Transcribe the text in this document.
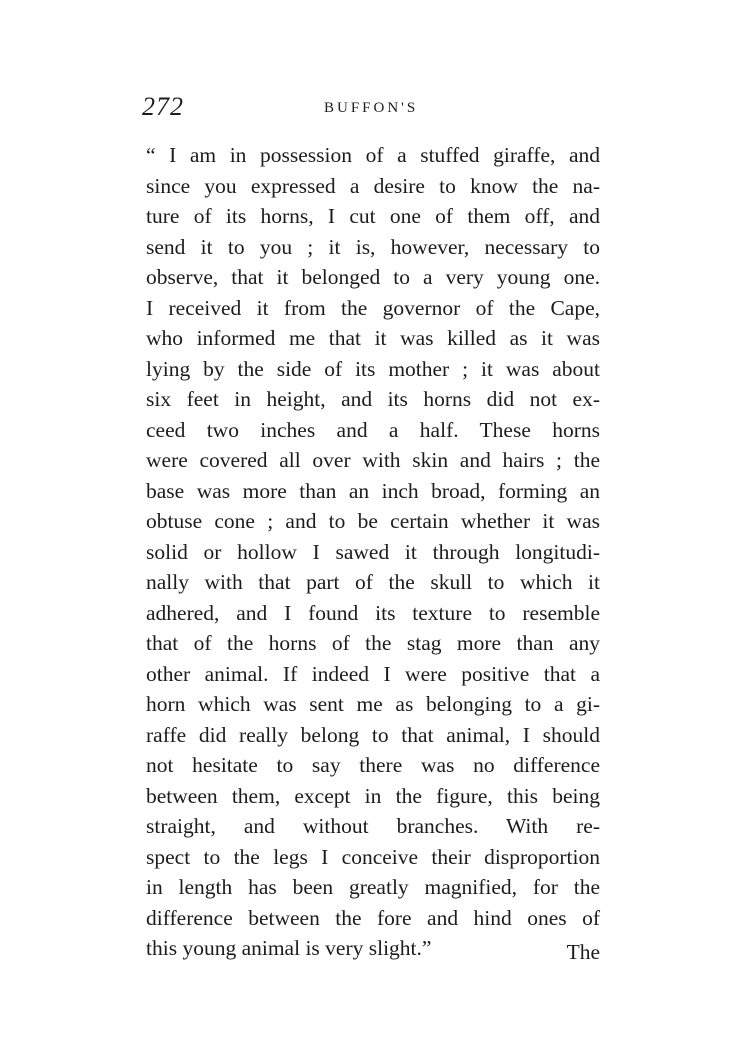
272	BUFFON'S
“ I am in possession of a stuffed giraffe, and
since you expressed a desire to know the na-
ture of its horns, I cut one of them off, and
send it to you ; it is, however, necessary to
observe, that it belonged to a very young one.
I received it from the governor of the Cape,
who informed me that it was killed as it was
lying by the side of its mother ; it was about
six feet in height, and its horns did not ex-
ceed two inches and a half. These horns
were covered all over with skin and hairs ; the
base was more than an inch broad, forming an
obtuse cone ; and to be certain whether it was
solid or hollow I sawed it through longitudi-
nally with that part of the skull to which it
adhered, and I found its texture to resemble
that of the horns of the stag more than any
other animal. If indeed I were positive that a
horn which was sent me as belonging to a gi-
raffe did really belong to that animal, I should
not hesitate to say there was no difference
between them, except in the figure, this being
straight, and without branches. With re-
spect to the legs I conceive their disproportion
in length has been greatly magnified, for the
difference between the fore and hind ones of
this young animal is very slight.”	The
